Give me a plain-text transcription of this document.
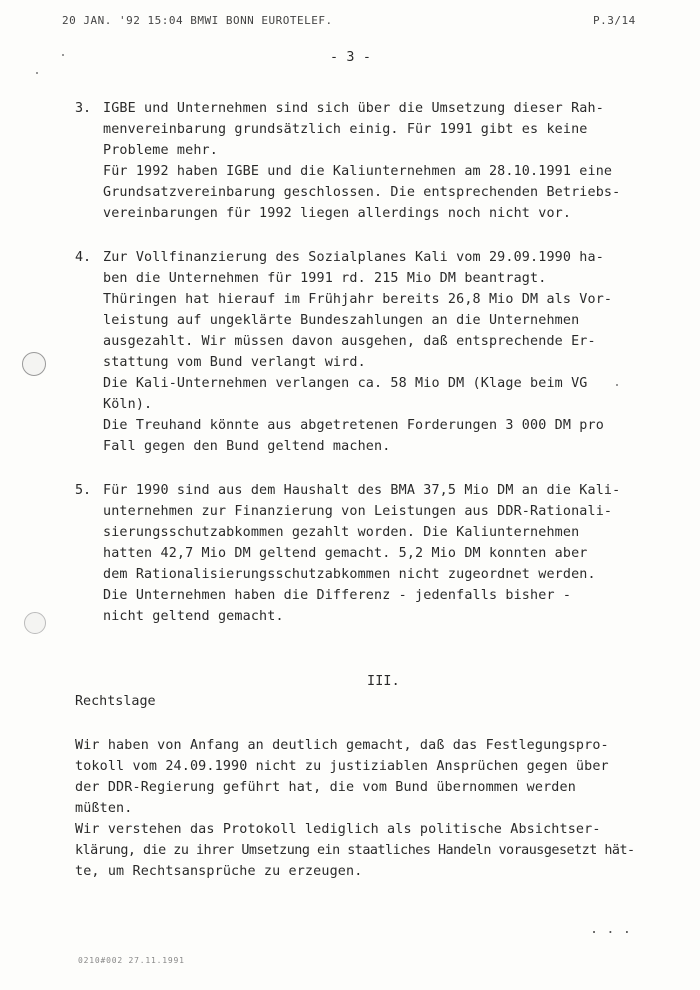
20 JAN. '92 15:04 BMWI BONN EUROTELEF.	P.3/14
- 3 -
3. IGBE und Unternehmen sind sich über die Umsetzung dieser Rah-
menvereinbarung grundsätzlich einig. Für 1991 gibt es keine
Probleme mehr.
Für 1992 haben IGBE und die Kaliunternehmen am 28.10.1991 eine
Grundsatzvereinbarung geschlossen. Die entsprechenden Betriebs-
vereinbarungen für 1992 liegen allerdings noch nicht vor.
4. Zur Vollfinanzierung des Sozialplanes Kali vom 29.09.1990 ha-
ben die Unternehmen für 1991 rd. 215 Mio DM beantragt.
Thüringen hat hierauf im Frühjahr bereits 26,8 Mio DM als Vor-
leistung auf ungeklärte Bundeszahlungen an die Unternehmen
ausgezahlt. Wir müssen davon ausgehen, daß entsprechende Er-
stattung vom Bund verlangt wird.
Die Kali-Unternehmen verlangen ca. 58 Mio DM (Klage beim VG
Köln).
Die Treuhand könnte aus abgetretenen Forderungen 3 000 DM pro
Fall gegen den Bund geltend machen.
5. Für 1990 sind aus dem Haushalt des BMA 37,5 Mio DM an die Kali-
unternehmen zur Finanzierung von Leistungen aus DDR-Rationali-
sierungsschutzabkommen gezahlt worden. Die Kaliunternehmen
hatten 42,7 Mio DM geltend gemacht. 5,2 Mio DM konnten aber
dem Rationalisierungsschutzabkommen nicht zugeordnet werden.
Die Unternehmen haben die Differenz - jedenfalls bisher -
nicht geltend gemacht.
III.
Rechtslage
Wir haben von Anfang an deutlich gemacht, daß das Festlegungspro-
tokoll vom 24.09.1990 nicht zu justiziablen Ansprüchen gegen über
der DDR-Regierung geführt hat, die vom Bund übernommen werden
müßten.
Wir verstehen das Protokoll lediglich als politische Absichtser-
klärung, die zu ihrer Umsetzung ein staatliches Handeln vorausgesetzt hät-
te, um Rechtsansprüche zu erzeugen.
. . .
0210#002 27.11.1991
